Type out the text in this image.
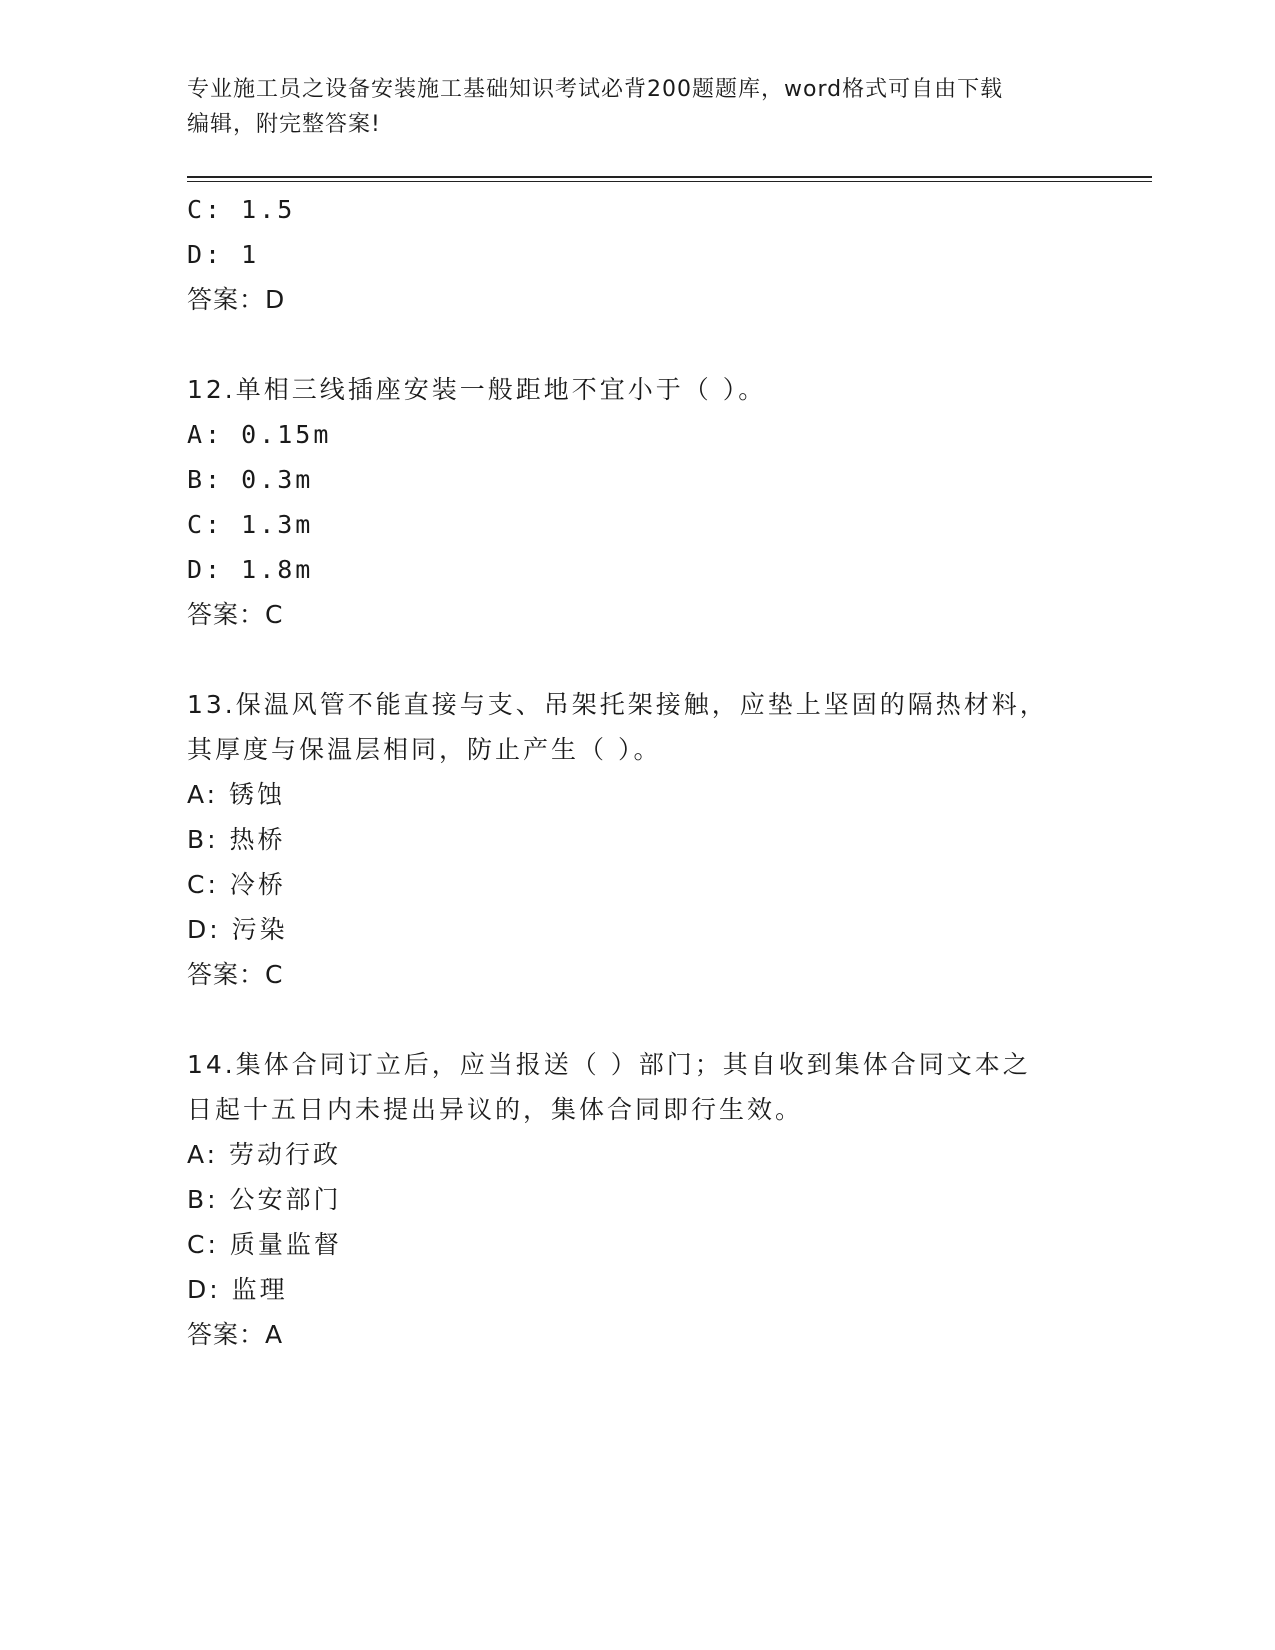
专业施工员之设备安装施工基础知识考试必背200题题库，word格式可自由下载
编辑，附完整答案!
C: 1.5
D: 1
答案：D
12.单相三线插座安装一般距地不宜小于（ ）。
A: 0.15m
B: 0.3m
C: 1.3m
D: 1.8m
答案：C
13.保温风管不能直接与支、吊架托架接触，应垫上坚固的隔热材料，
其厚度与保温层相同，防止产生（ ）。
A: 锈蚀
B: 热桥
C: 冷桥
D: 污染
答案：C
14.集体合同订立后，应当报送（ ）部门；其自收到集体合同文本之
日起十五日内未提出异议的，集体合同即行生效。
A: 劳动行政
B: 公安部门
C: 质量监督
D: 监理
答案：A
